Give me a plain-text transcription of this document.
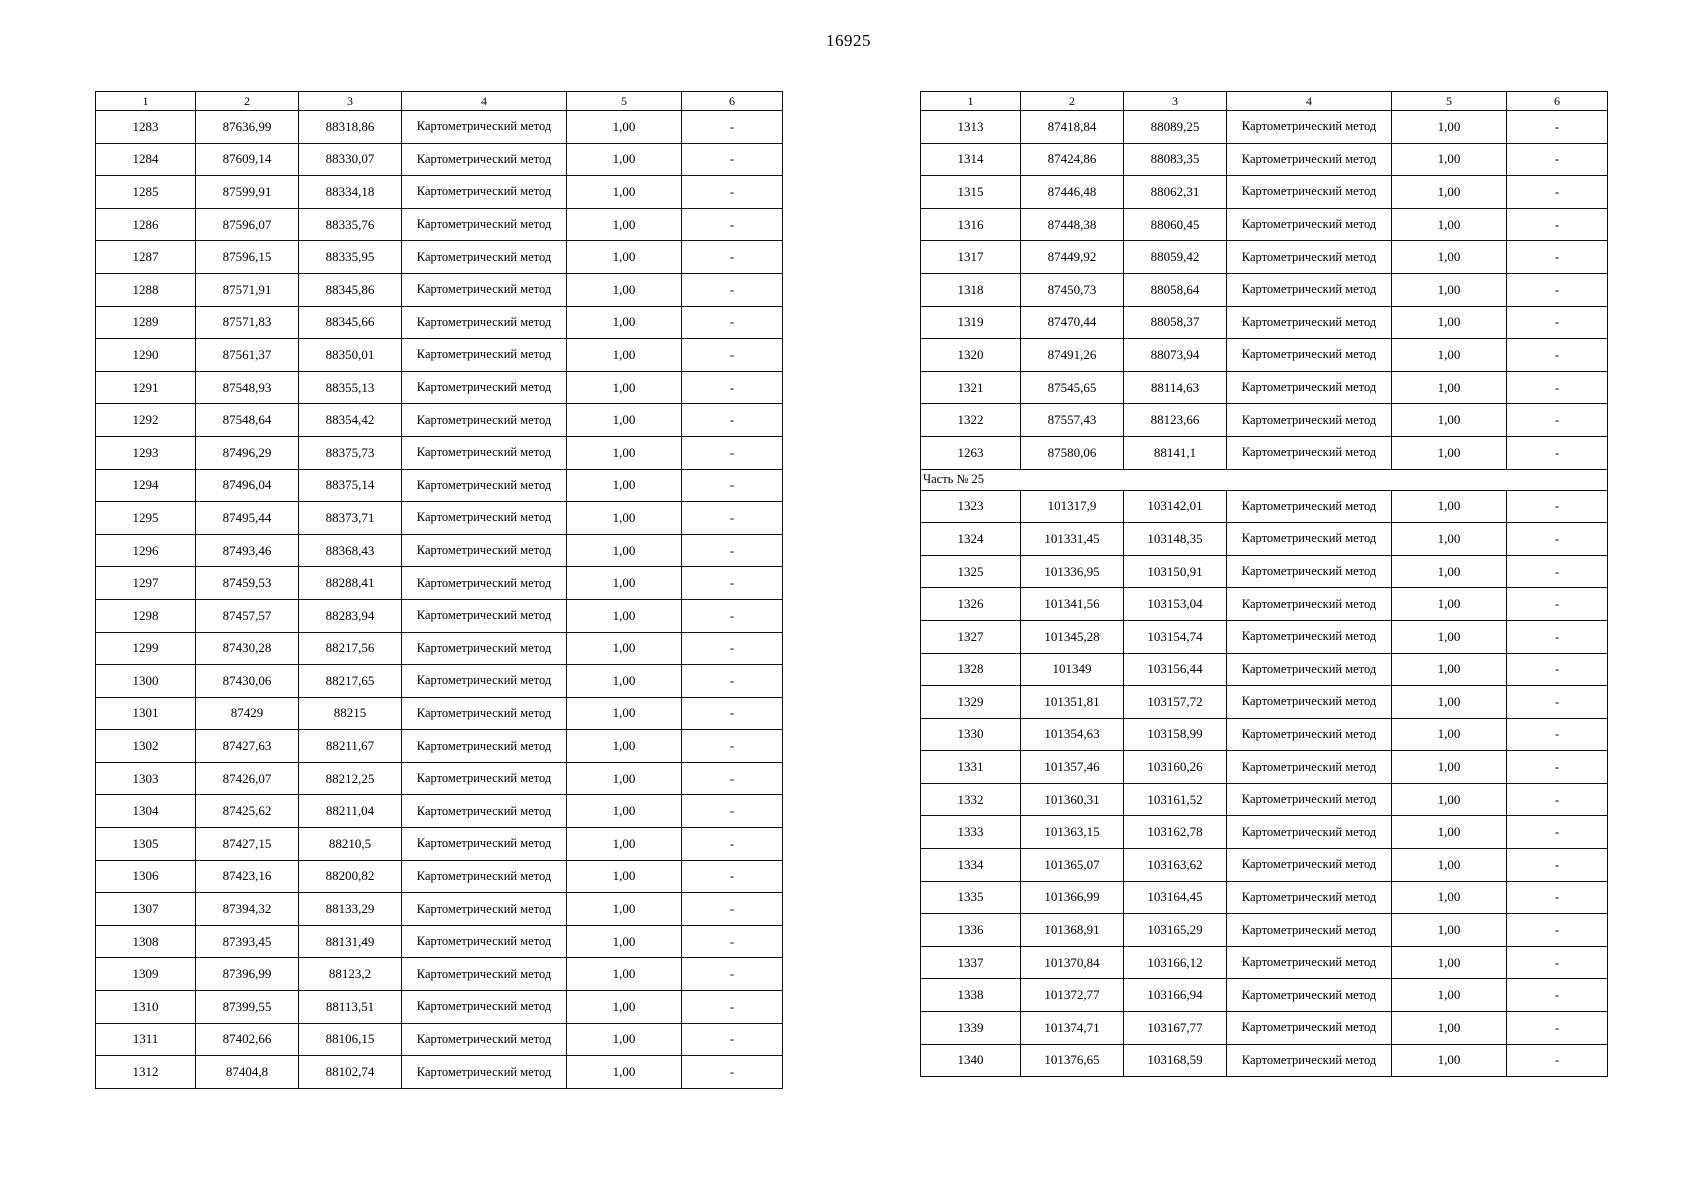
16925
1	2	3	4	5	6
1283	87636,99	88318,86	Картометрический метод	1,00	-
1284	87609,14	88330,07	Картометрический метод	1,00	-
1285	87599,91	88334,18	Картометрический метод	1,00	-
1286	87596,07	88335,76	Картометрический метод	1,00	-
1287	87596,15	88335,95	Картометрический метод	1,00	-
1288	87571,91	88345,86	Картометрический метод	1,00	-
1289	87571,83	88345,66	Картометрический метод	1,00	-
1290	87561,37	88350,01	Картометрический метод	1,00	-
1291	87548,93	88355,13	Картометрический метод	1,00	-
1292	87548,64	88354,42	Картометрический метод	1,00	-
1293	87496,29	88375,73	Картометрический метод	1,00	-
1294	87496,04	88375,14	Картометрический метод	1,00	-
1295	87495,44	88373,71	Картометрический метод	1,00	-
1296	87493,46	88368,43	Картометрический метод	1,00	-
1297	87459,53	88288,41	Картометрический метод	1,00	-
1298	87457,57	88283,94	Картометрический метод	1,00	-
1299	87430,28	88217,56	Картометрический метод	1,00	-
1300	87430,06	88217,65	Картометрический метод	1,00	-
1301	87429	88215	Картометрический метод	1,00	-
1302	87427,63	88211,67	Картометрический метод	1,00	-
1303	87426,07	88212,25	Картометрический метод	1,00	-
1304	87425,62	88211,04	Картометрический метод	1,00	-
1305	87427,15	88210,5	Картометрический метод	1,00	-
1306	87423,16	88200,82	Картометрический метод	1,00	-
1307	87394,32	88133,29	Картометрический метод	1,00	-
1308	87393,45	88131,49	Картометрический метод	1,00	-
1309	87396,99	88123,2	Картометрический метод	1,00	-
1310	87399,55	88113,51	Картометрический метод	1,00	-
1311	87402,66	88106,15	Картометрический метод	1,00	-
1312	87404,8	88102,74	Картометрический метод	1,00	-
1	2	3	4	5	6
1313	87418,84	88089,25	Картометрический метод	1,00	-
1314	87424,86	88083,35	Картометрический метод	1,00	-
1315	87446,48	88062,31	Картометрический метод	1,00	-
1316	87448,38	88060,45	Картометрический метод	1,00	-
1317	87449,92	88059,42	Картометрический метод	1,00	-
1318	87450,73	88058,64	Картометрический метод	1,00	-
1319	87470,44	88058,37	Картометрический метод	1,00	-
1320	87491,26	88073,94	Картометрический метод	1,00	-
1321	87545,65	88114,63	Картометрический метод	1,00	-
1322	87557,43	88123,66	Картометрический метод	1,00	-
1263	87580,06	88141,1	Картометрический метод	1,00	-
Часть № 25					
1323	101317,9	103142,01	Картометрический метод	1,00	-
1324	101331,45	103148,35	Картометрический метод	1,00	-
1325	101336,95	103150,91	Картометрический метод	1,00	-
1326	101341,56	103153,04	Картометрический метод	1,00	-
1327	101345,28	103154,74	Картометрический метод	1,00	-
1328	101349	103156,44	Картометрический метод	1,00	-
1329	101351,81	103157,72	Картометрический метод	1,00	-
1330	101354,63	103158,99	Картометрический метод	1,00	-
1331	101357,46	103160,26	Картометрический метод	1,00	-
1332	101360,31	103161,52	Картометрический метод	1,00	-
1333	101363,15	103162,78	Картометрический метод	1,00	-
1334	101365,07	103163,62	Картометрический метод	1,00	-
1335	101366,99	103164,45	Картометрический метод	1,00	-
1336	101368,91	103165,29	Картометрический метод	1,00	-
1337	101370,84	103166,12	Картометрический метод	1,00	-
1338	101372,77	103166,94	Картометрический метод	1,00	-
1339	101374,71	103167,77	Картометрический метод	1,00	-
1340	101376,65	103168,59	Картометрический метод	1,00	-
